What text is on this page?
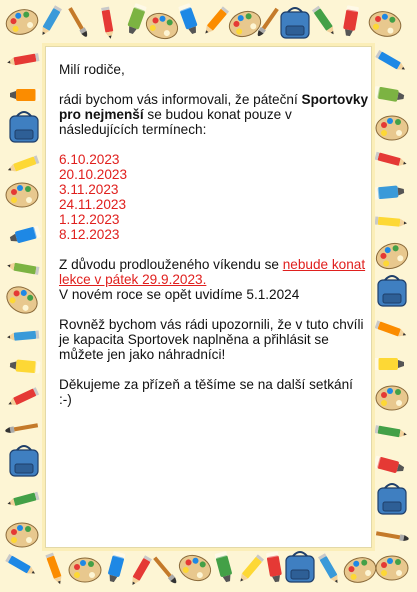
Milí rodiče,

rádi bychom vás informovali, že páteční Sportovky pro nejmenší se budou konat pouze v následujících termínech:

6.10.2023
20.10.2023
3.11.2023
24.11.2023
1.12.2023
8.12.2023

Z důvodu prodlouženého víkendu se nebude konat lekce v pátek 29.9.2023.
V novém roce se opět uvidíme 5.1.2024

Rovněž bychom vás rádi upozornili, že v tuto chvíli je kapacita Sportovek naplněna a přihlásit se můžete jen jako náhradníci!

Děkujeme za přízeň a těšíme se na další setkání :-)
